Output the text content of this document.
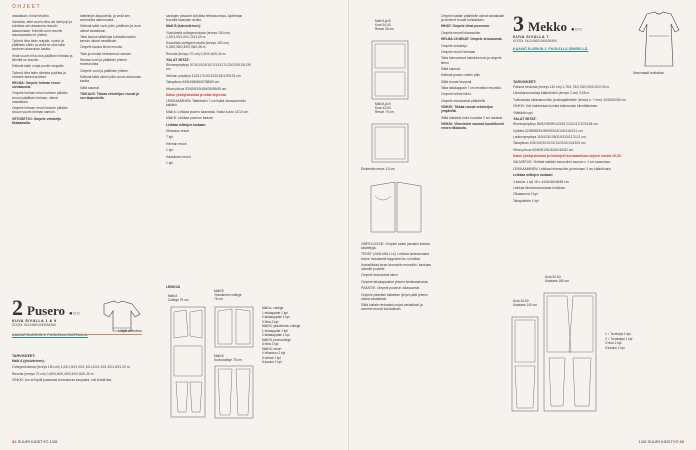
OHJEET

vastakkain, hihat hihoihin.

Varmista, ettei vuorin hiha ole kiertynyt ja kohdista sen alasauma resoriin alasaumaan. Kiinnitä vuori resoriin saumaamalla ne yhteen.

Työnnä hiha takin nurjalle, vuorin ja päällisen väliin, ja vedä se ulos takin avoimen alareunan kautta.

Vedä vuorin hiha ulos päällisen hihasta ja kiinnitä se resoriin.

Käännä takin nurjat puolet ulospäin.

Työnnä hiha takin oikeista puolista ja ommele alareuna kiinni.

HELMA: Ompele helman resori sivusaumat.

Ompele helman resori toiseen pitkään sivuun päällisen helman, oikeat vastakkain.

Ompele helman resori toiseen pitkään sivuun vuorin helman samoin.

VETOKETJU: Ompele vetoketju tikkaamalla.

taitellingin alapuolella, ja vedä sen avoimesta alareunasta.

Käännä takki nurin päin, päällinen ja vuori oikeat vastakkain.

Taita kaulus taitelinjaa kohdalla kaksin kerroin oikeat vastakkain.

Ompele kaulus kiinni resoriin.

Taita ja neulaa helmaresori samoin.

Neulaa vuori ja päällinen yhteen etureunoista.

Ompele vuori ja päällinen yhteen.

Käännä takki oikein päin vuorin alareunan kautta.

Silitä saumat.

TIKKAUS: Tikkaa vetoketjun reunat ja sen alapuolella.

Väljä mitoitus
2 Pusero ●○○
KUVA SIVULLA 1 & 9
KOODI: 5k1345603045554565
KAAVAT B-ARKIN 1. PUOLELLA MUSTALLA.

TARVIKKEET:

Malli A (yksivärinen):

Collegeneulosta (leveys 150 cm) 1,00/1,00/1,00/1,10/1,10/1,10/1,20/1,20/1,20 m.

Resoria (leveys 70 cm) 0,40/0,40/0,40/0,40/0,40/0,40 m.

VINKKI: Jos et löydä joustavaa teranauhaa kaupasta, voit tehdä itse.

sankojen pituudet kohdista lehtisaumissa. Ajoitetaan kuvioita kaavojen avulla.

Malli B (kaksivärinen):

Yksiväristä collegeneulosta (leveys 150 cm) 1,00/1,00/1,00/1,00/1,00 m.

Kuviollista collegeneulosta (leveys 150 cm) 0,35/0,35/0,35/0,35/0,35 m.

Resoria (leveys 70 cm) 0,40/0,40/0,40 m.

YALAT MITAT:

Rinnanympärys 97/101/103/107/113/117/123/129/133/139 cm.

Helman ympärys 114/117/120/123/126/129/133 cm.

Takapituus 63/64/65/66/67/68/69 cm.

Hihan pituus 53/53/53/54/54/55/55/55 cm.

Katso yksityiskohdat ja mitat ohjeesta.

LEIKKAAMINEN: Taittelesiin 7 cm lisätä sivusaumoihin kaikkiin.

Malli A: Leikkaa pusero kaavoista. Katso kuvio 12/13 cm.

Malli B: Leikkaa puseron kaavat.

Leikkaa mittojen mukaan:

Hihansuu resori

7 kpl

Helman resori

1 kpl

Kauluksen resori

1 kpl

LEIKKUU
Malli A
College 75 cm
Malli B
Yksivärinen college
75 cm
Malli B
Kuviocollege 75 cm
Malli A, college
1 etukappale 1 kpl
2 takakappale 1 kpl
3 hiha 2 kpl
Malli B, yksivärinen college
1 etukappale 1 kpl
2 takakappale 1 kpl
Malli B, kuviocollege
3 hiha 2 kpl
Malli B, resori
4 hihansuu 2 kpl
5 helma 1 kpl
6 kaulus 1 kpl
32 SUURI KÄSITYÖ 1/26
Malli A ja B
Koot 34-40
Resori 35 cm
Malli A ja B
Koot 42-54
Resori 70 cm
Etukehrän resori 1,5 cm

OMPELUOHJE: Ompele saate jossakin kohtaa käsittelyjä.

TERÄT (VAIN MALLI A): Leikkaa teranauhasta kolme mukaisesti kappaleet ks. kohdista.

Aseta/tikkaa teran kerrosviin reunoihin, kankaan oikealle puolelle.

Ompele teranauhat kiinni.

Ompele takakappaleet yhteen keskisaumasta.

PÄÄNTIE: Ompele puseron olkasaumat.

Ompele pääntien kaitaleen lyhyet päät yhteen oikeat vastakkain.

Silitä kaitale renkaaksi nurjat vastakkain ja avoimet reunat kohdakkain.

Ompele kaitale pääntielle oikeat vastakkain ja avoimet reunat kohdakkain.

HIHAT: Ompele hihat puseroon.

Ompele resorit hihansuihin.

HELMA JA MINAT: Ompele sivusaumat.

Ompele vetoketju.

Ompele resori helmaan.

Taita helmaresori kaksinkerroin ja ompele kiinni.

Silitä saumat.

Käännä pusero oikein päin.

Silitä reunat kevyesti.

Taita takakappale 7 cm leveäksi resoriksi.

Ompele helma kiinni.

Ompele sivusaumat pääntielle.

VINKKI: Tikkaa reunat vetoketjun ympäriltä.

Silitä kaitaleet koko kuosista 2 cm takaisin.

VINKKI: Viimeistele saumat huolellisesti ennen tikkausta.

3 Mekko ●○○
KUVA SIVULLA 7
KOODI: 5k1345603045554565
KAAVAT B-ARKIN 2. PUOLELLA SINISELLÄ.
Normaali mitoitus

TARVIKKEET:

Paksua neulosta (leveys 140 cm) 1,75/1,75/2,00/2,00/2,00/2,00 m.

Liimaharsonauhaa kääntöösiin (leveys 2 cm) 3,05 m.

Tukinauhaa olkasaumoihin ja takapääntielle (leveys n. 7 mm) 40/45/50/55 cm.

VINKKI: Voit halutessasi kurista tukinauhan kiinnittäminen.

Yllättävä nypl

YALAT MITAT:

Rinnanympärys 89/92/95/99/103/107/112/117/123/128 cm.

Vyötärö 82/85/88/91/95/99/104/109/115/121 cm.

Lantionympärys 100/103/106/110/113/117/121 cm.

Takapituus 100/100/101/101/102/102/103/103 cm.

Hihan pituus 60/60/61/61/61/61/62/62 cm.

Katso yksityiskohdat ja lisäohjeet korsaatettuun ohjeen sivulla 29-30.

VALMISTUS: Yhdistä kaikkiin saumoihin sauma n. 1 cm kaavoissa.

LEIKKAAMINEN: Leikkaa hihansuihin ja helmaan 3 cm kääntövara.

Leikkaa mittojen mukaan:

4 kaulus 1 kpl 18 x 44/44/46/46/48 cm.

Leikkaa liimaharsonauhaa kohdista:

Olkasauma 2 kpl

Takapääntie 1 kpl

Koot 52-54
Kankaan 160 cm
Koot 34-50
Kankaan 140 cm
1 = Ta etukpl 1 kpl
2 = Ta takakpl 1 kpl
3 hiha 2 kpl
4 kaulus 1 kpl
1/26 SUURI KÄSITYÖ 33
